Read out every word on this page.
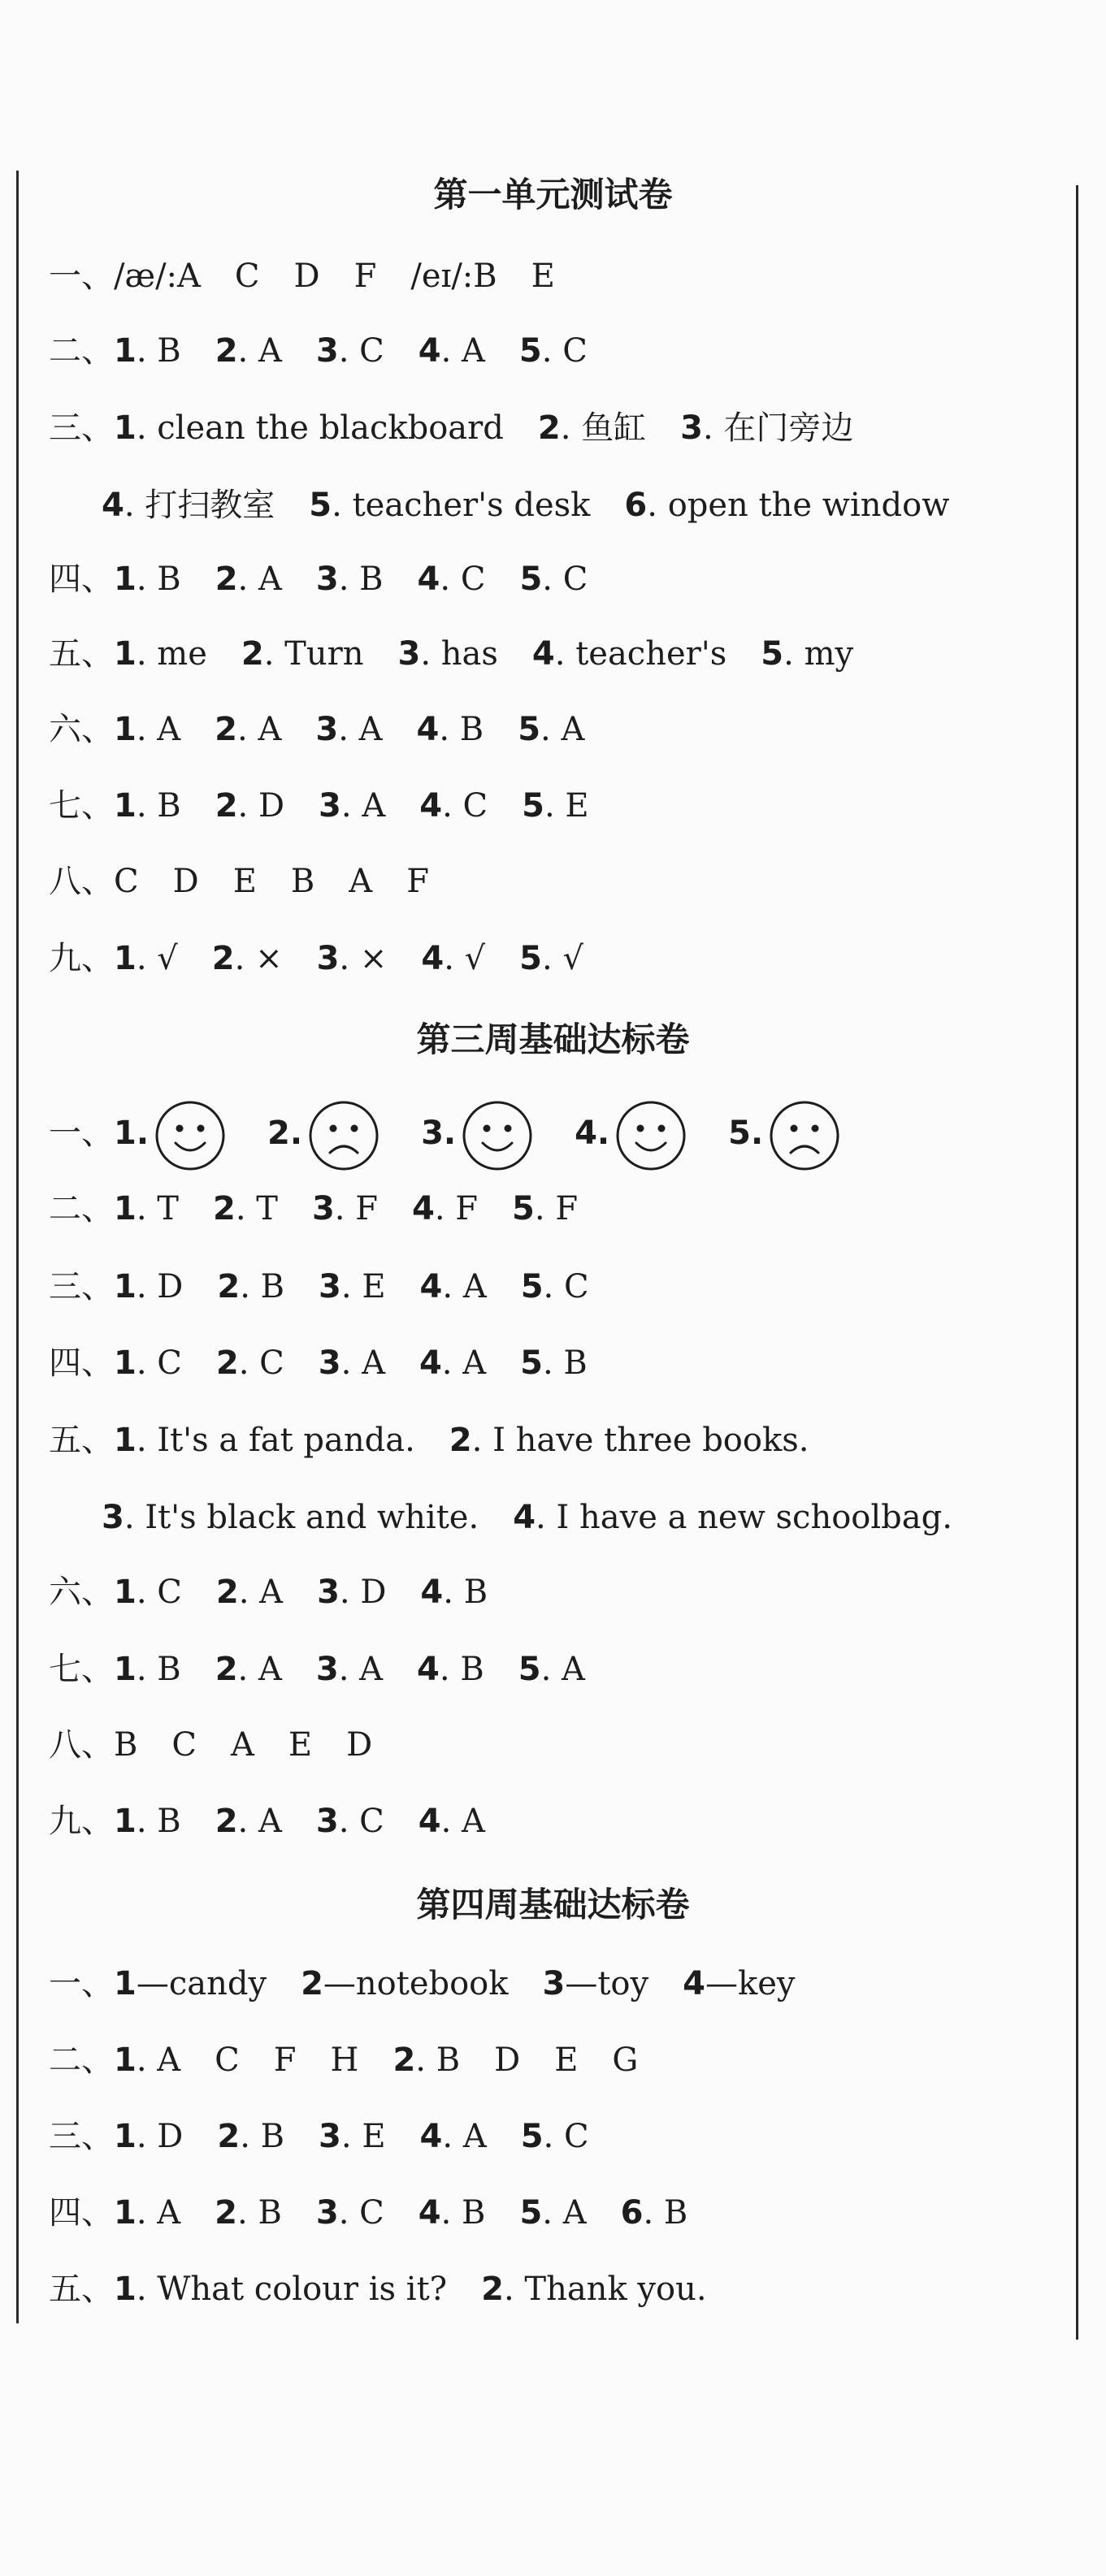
第一单元测试卷
一、/æ/:A C D F /eɪ/:B E
二、1. B 2. A 3. C 4. A 5. C
三、1. clean the blackboard 2. 鱼缸 3. 在门旁边
4. 打扫教室 5. teacher's desk 6. open the window
四、1. B 2. A 3. B 4. C 5. C
五、1. me 2. Turn 3. has 4. teacher's 5. my
六、1. A 2. A 3. A 4. B 5. A
七、1. B 2. D 3. A 4. C 5. E
八、C D E B A F
九、1. √ 2. × 3. × 4. √ 5. √
第三周基础达标卷
一、1.	2.	3.	4.	5.
二、1. T 2. T 3. F 4. F 5. F
三、1. D 2. B 3. E 4. A 5. C
四、1. C 2. C 3. A 4. A 5. B
五、1. It's a fat panda. 2. I have three books.
3. It's black and white. 4. I have a new schoolbag.
六、1. C 2. A 3. D 4. B
七、1. B 2. A 3. A 4. B 5. A
八、B C A E D
九、1. B 2. A 3. C 4. A
第四周基础达标卷
一、1—candy 2—notebook 3—toy 4—key
二、1. A C F H 2. B D E G
三、1. D 2. B 3. E 4. A 5. C
四、1. A 2. B 3. C 4. B 5. A 6. B
五、1. What colour is it? 2. Thank you.
